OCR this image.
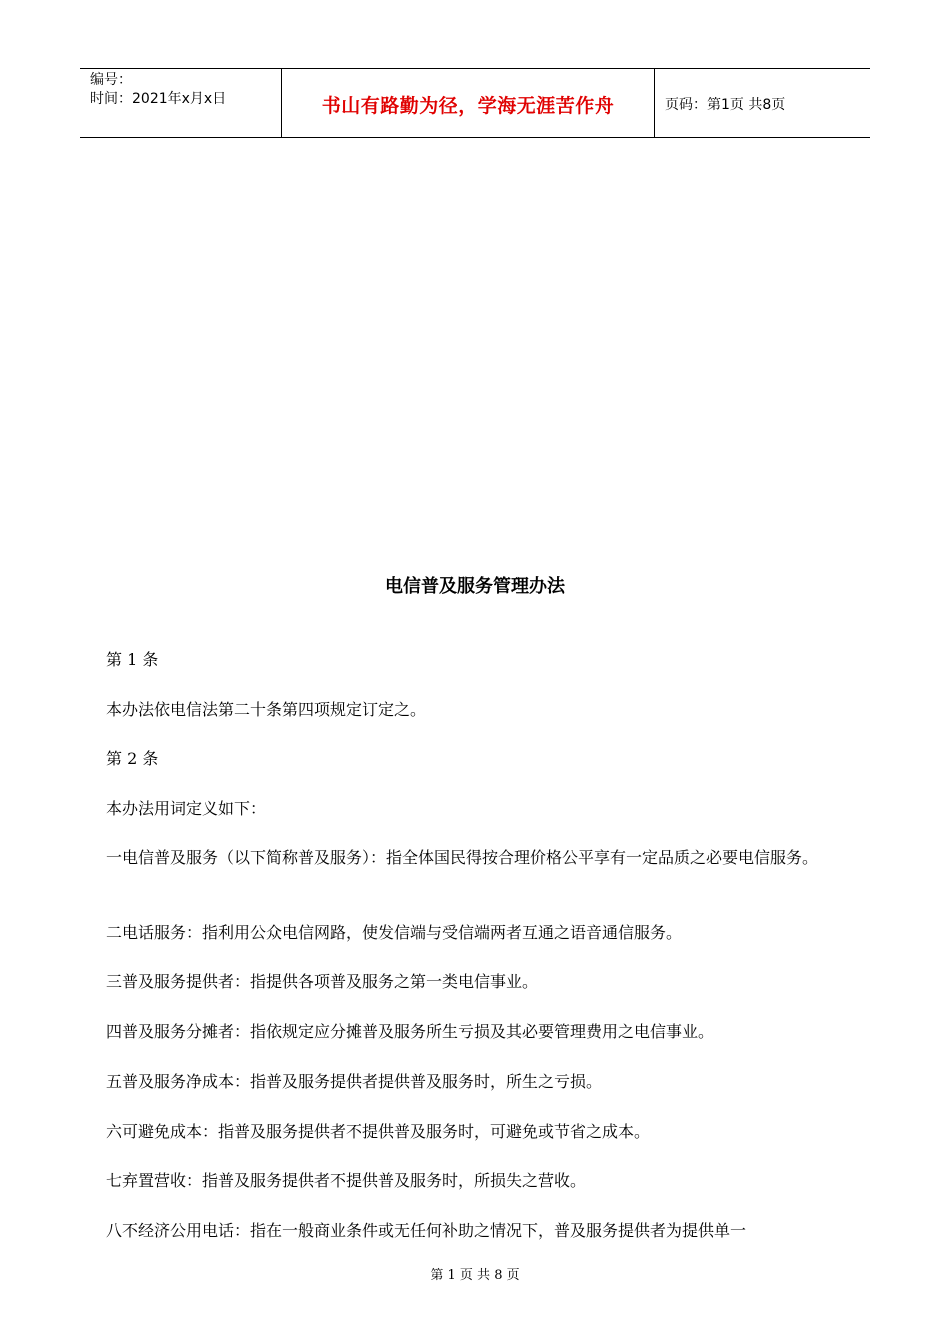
编号：
时间：2021年x月x日	书山有路勤为径，学海无涯苦作舟	页码：第1页 共8页
电信普及服务管理办法

第 1 条

本办法依电信法第二十条第四项规定订定之。

第 2 条

本办法用词定义如下：

一电信普及服务（以下简称普及服务）：指全体国民得按合理价格公平享有一定品质之必要电信服务。

二电话服务：指利用公众电信网路，使发信端与受信端两者互通之语音通信服务。

三普及服务提供者：指提供各项普及服务之第一类电信事业。

四普及服务分摊者：指依规定应分摊普及服务所生亏损及其必要管理费用之电信事业。

五普及服务净成本：指普及服务提供者提供普及服务时，所生之亏损。

六可避免成本：指普及服务提供者不提供普及服务时，可避免或节省之成本。

七弃置营收：指普及服务提供者不提供普及服务时，所损失之营收。

八不经济公用电话：指在一般商业条件或无任何补助之情况下，普及服务提供者为提供单一

第 1 页 共 8 页
